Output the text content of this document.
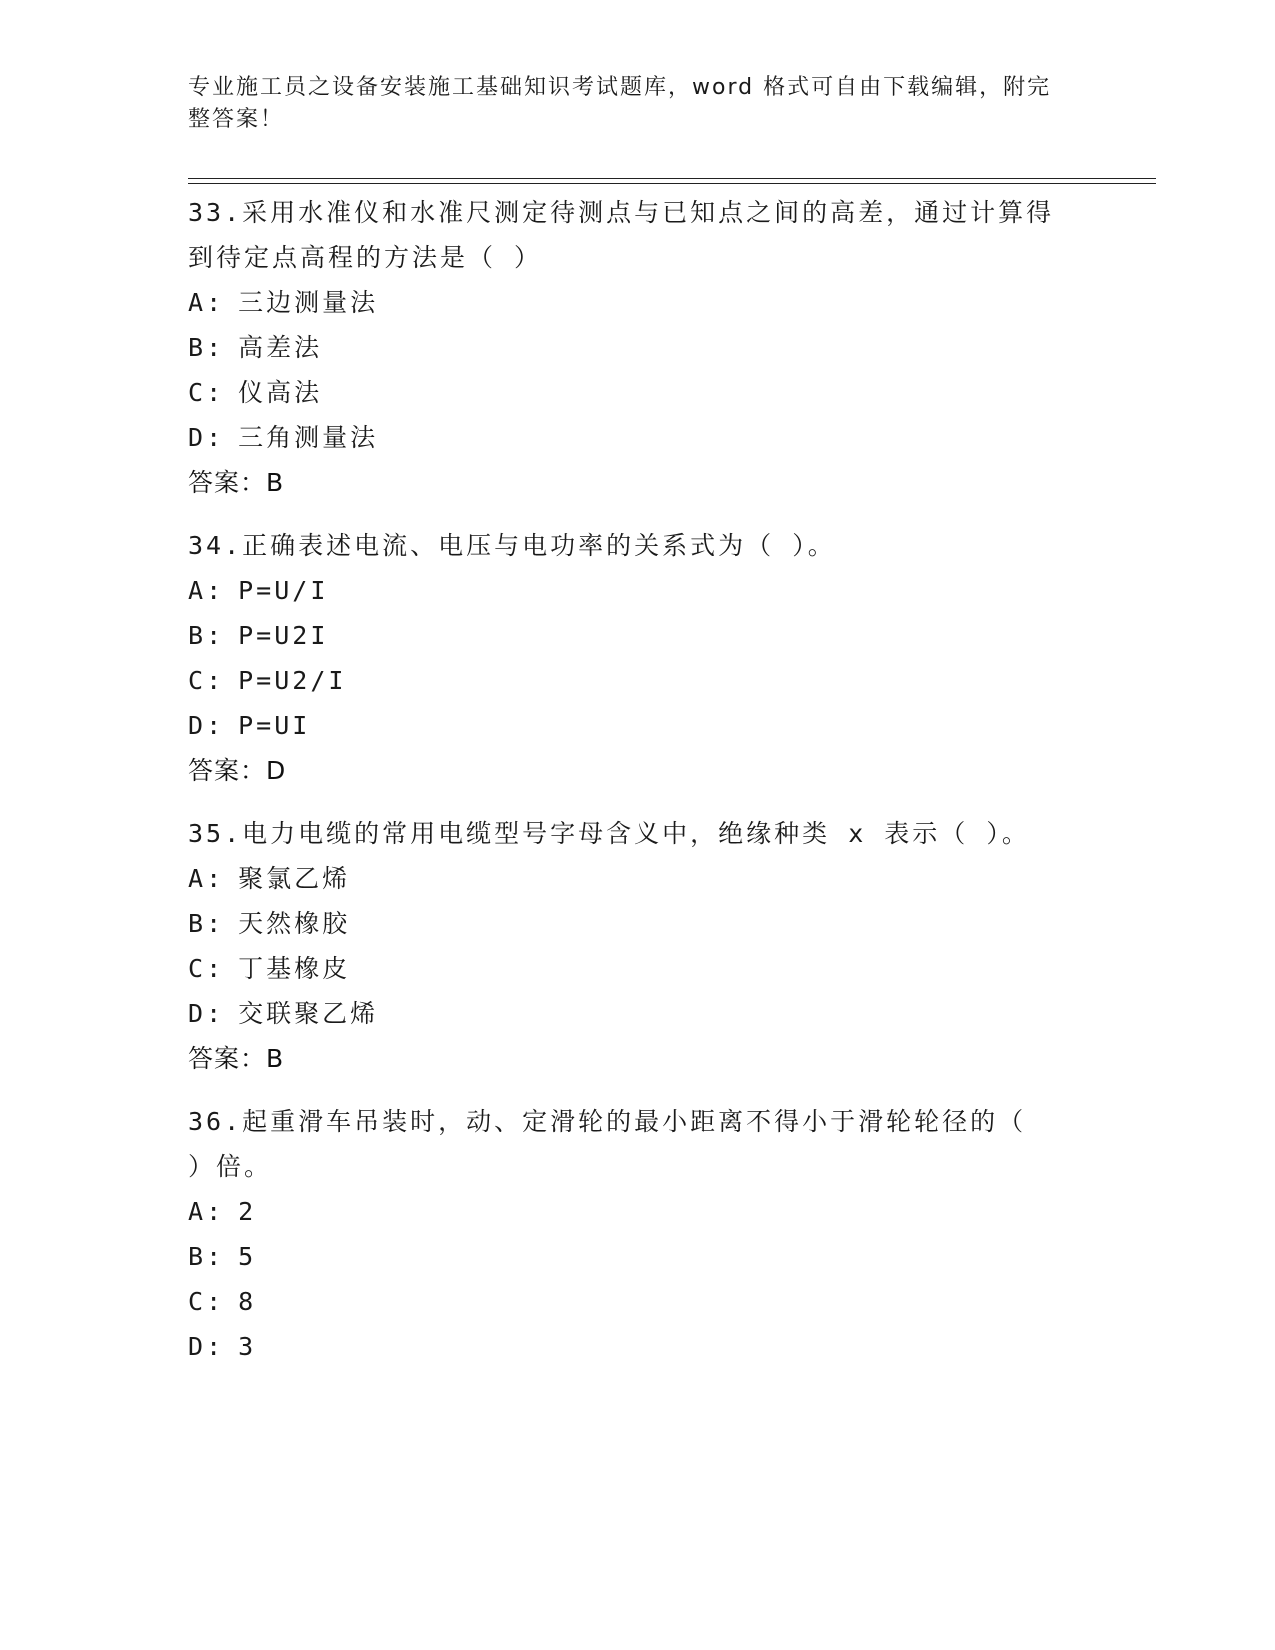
专业施工员之设备安装施工基础知识考试题库，word 格式可自由下载编辑，附完
整答案！
33.采用水准仪和水准尺测定待测点与已知点之间的高差，通过计算得
到待定点高程的方法是（ ）
A: 三边测量法
B: 高差法
C: 仪高法
D: 三角测量法
答案：B
34.正确表述电流、电压与电功率的关系式为（ ）。
A: P=U/I
B: P=U2I
C: P=U2/I
D: P=UI
答案：D
35.电力电缆的常用电缆型号字母含义中，绝缘种类 x 表示（ ）。
A: 聚氯乙烯
B: 天然橡胶
C: 丁基橡皮
D: 交联聚乙烯
答案：B
36.起重滑车吊装时，动、定滑轮的最小距离不得小于滑轮轮径的（
）倍。
A: 2
B: 5
C: 8
D: 3
